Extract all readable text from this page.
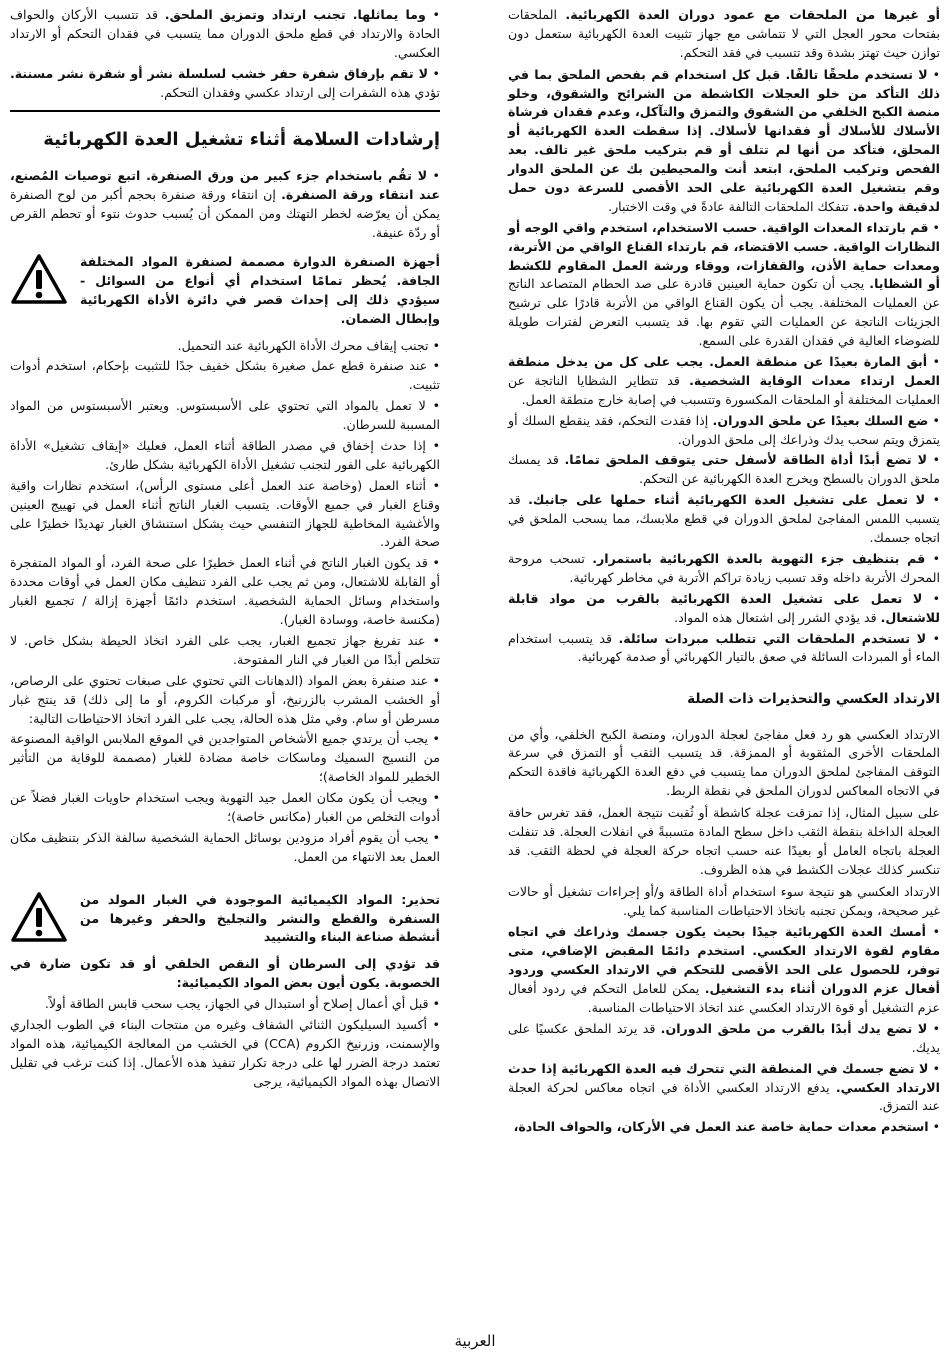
أو غيرها من الملحقات مع عمود دوران العدة الكهربائية. الملحقات بفتحات محور العجل التي لا تتماشى مع جهاز تثبيت العدة الكهربائية ستعمل دون توازن حيث تهتز بشدة وقد تتسبب في فقد التحكم.

• لا تستخدم ملحقًا تالفًا. قبل كل استخدام قم بفحص الملحق بما في ذلك التأكد من خلو العجلات الكاشطة من الشرائح والشقوق، وخلو منصة الكبح الخلفي من الشقوق والتمزق والتآكل، وعدم فقدان فرشاة الأسلاك للأسلاك أو فقدانها لأسلاك. إذا سقطت العدة الكهربائية أو المحلق، فتأكد من أنها لم تتلف أو قم بتركيب ملحق غير تالف. بعد الفحص وتركيب الملحق، ابتعد أنت والمحيطين بك عن الملحق الدوار وقم بتشغيل العدة الكهربائية على الحد الأقصى للسرعة دون حمل لدقيقة واحدة. تتفكك الملحقات التالفة عادةً في وقت الاختبار.

• قم بارتداء المعدات الواقية. حسب الاستخدام، استخدم واقي الوجه أو النظارات الواقية. حسب الاقتضاء، قم بارتداء القناع الواقي من الأتربة، ومعدات حماية الأذن، والقفازات، ووقاء ورشة العمل المقاوم للكشط أو الشظايا. يجب أن تكون حماية العينين قادرة على صد الحطام المتصاعد الناتج عن العمليات المختلفة. يجب أن يكون القناع الواقي من الأتربة قادرًا على ترشيح الجزيئات الناتجة عن العمليات التي تقوم بها. قد يتسبب التعرض لفترات طويلة للضوضاء العالية في فقدان القدرة على السمع.

• أبق المارة بعيدًا عن منطقة العمل. يجب على كل من يدخل منطقة العمل ارتداء معدات الوقاية الشخصية. قد تتطاير الشظايا الناتجة عن العمليات المختلفة أو الملحقات المكسورة وتتسبب في إصابة خارج منطقة العمل.

• ضع السلك بعيدًا عن ملحق الدوران. إذا فقدت التحكم، فقد ينقطع السلك أو يتمزق ويتم سحب يدك وذراعك إلى ملحق الدوران.

• لا تضع أبدًا أداة الطاقة لأسفل حتى يتوقف الملحق تمامًا. قد يمسك ملحق الدوران بالسطح ويخرج العدة الكهربائية عن التحكم.

• لا تعمل على تشغيل العدة الكهربائية أثناء حملها على جانبك. قد يتسبب اللمس المفاجئ لملحق الدوران في قطع ملابسك، مما يسحب الملحق في اتجاه جسمك.

• قم بتنظيف جزء التهوية بالعدة الكهربائية باستمرار. تسحب مروحة المحرك الأتربة داخله وقد تسبب زيادة تراكم الأتربة في مخاطر كهربائية.

• لا تعمل على تشغيل العدة الكهربائية بالقرب من مواد قابلة للاشتعال. قد يؤدي الشرر إلى اشتعال هذه المواد.

• لا تستخدم الملحقات التي تتطلب مبردات سائلة. قد يتسبب استخدام الماء أو المبردات السائلة في صعق بالتيار الكهربائي أو صدمة كهربائية.

الارتداد العكسي والتحذيرات ذات الصلة

الارتداد العكسي هو رد فعل مفاجئ لعجلة الدوران، ومنصة الكبح الخلفي، وأي من الملحقات الأخرى المثقوبة أو الممزقة. قد يتسبب الثقب أو التمزق في سرعة التوقف المفاجئ لملحق الدوران مما يتسبب في دفع العدة الكهربائية فاقدة التحكم في الاتجاه المعاكس لدوران الملحق في نقطة الربط.

على سبيل المثال، إذا تمزقت عجلة كاشطة أو ثُقبت نتيجة العمل، فقد تغرس حافة العجلة الداخلة بنقطة الثقب داخل سطح المادة متسببةً في انفلات العجلة. قد تنفلت العجلة باتجاه العامل أو بعيدًا عنه حسب اتجاه حركة العجلة في لحظة الثقب. قد تنكسر كذلك عجلات الكشط في هذه الظروف.

الارتداد العكسي هو نتيجة سوء استخدام أداة الطاقة و/أو إجراءات تشغيل أو حالات غير صحيحة، ويمكن تجنبه باتخاذ الاحتياطات المناسبة كما يلي.

• أمسك العدة الكهربائية جيدًا بحيث يكون جسمك وذراعك في اتجاه مقاوم لقوة الارتداد العكسي. استخدم دائمًا المقبض الإضافي، متى توفر، للحصول على الحد الأقصى للتحكم في الارتداد العكسي وردود أفعال عزم الدوران أثناء بدء التشغيل. يمكن للعامل التحكم في ردود أفعال عزم التشغيل أو قوة الارتداد العكسي عند اتخاذ الاحتياطات المناسبة.

• لا تضع يدك أبدًا بالقرب من ملحق الدوران. قد يرتد الملحق عكسيًا على يديك.

• لا تضع جسمك في المنطقة التي تتحرك فيه العدة الكهربائية إذا حدث الارتداد العكسي. يدفع الارتداد العكسي الأداة في اتجاه معاكس لحركة العجلة عند التمزق.

• استخدم معدات حماية خاصة عند العمل في الأركان، والحواف الحادة،

• وما يماثلها. تجنب ارتداد وتمزيق الملحق. قد تتسبب الأركان والحواف الحادة والارتداد في قطع ملحق الدوران مما يتسبب في فقدان التحكم أو الارتداد العكسي.

• لا تقم بإرفاق شفرة حفر خشب لسلسلة نشر أو شفرة نشر مسننة. تؤدي هذه الشفرات إلى ارتداد عكسي وفقدان التحكم.

إرشادات السلامة أثناء تشغيل العدة الكهربائية

• لا تقُم باستخدام جزء كبير من ورق الصنفرة. اتبع توصيات المُصنع، عند انتقاء ورقة الصنفرة. إن انتقاء ورقة صنفرة بحجم أكبر من لوح الصنفرة يمكن أن يعرّضه لخطر التهتك ومن الممكن أن يُسبب حدوث نتوء أو تحطم القرص أو ردّة عنيفة.

أجهزة الصنفرة الدوارة مصممة لصنفرة المواد المختلفة الجافة. يُحظر تمامًا استخدام أي أنواع من السوائل - سيؤدي ذلك إلى إحداث قصر في دائرة الأداة الكهربائية وإبطال الضمان.

• تجنب إيقاف محرك الأداة الكهربائية عند التحميل.

• عند صنفرة قطع عمل صغيرة بشكل خفيف جدًا للتثبيت بإحكام، استخدم أدوات تثبيت.

• لا تعمل بالمواد التي تحتوي على الأسبستوس. ويعتبر الأسبستوس من المواد المسببة للسرطان.

• إذا حدث إخفاق في مصدر الطاقة أثناء العمل، فعليك «إيقاف تشغيل» الأداة الكهربائية على الفور لتجنب تشغيل الأداة الكهربائية بشكل طارئ.

• أثناء العمل (وخاصة عند العمل أعلى مستوى الرأس)، استخدم نظارات واقية وقناع الغبار في جميع الأوقات. يتسبب الغبار الناتج أثناء العمل في تهييج العينين والأغشية المخاطية للجهاز التنفسي حيث يشكل استنشاق الغبار تهديدًا خطيرًا على صحة الفرد.

• قد يكون الغبار الناتج في أثناء العمل خطيرًا على صحة الفرد، أو المواد المتفجرة أو القابلة للاشتعال، ومن ثم يجب على الفرد تنظيف مكان العمل في أوقات محددة واستخدام وسائل الحماية الشخصية. استخدم دائمًا أجهزة إزالة / تجميع الغبار (مكنسة خاصة، ووسادة الغبار).

• عند تفريغ جهاز تجميع الغبار، يجب على الفرد اتخاذ الحيطة بشكل خاص. لا تتخلص أبدًا من الغبار في النار المفتوحة.

• عند صنفرة بعض المواد (الدهانات التي تحتوي على صبغات تحتوي على الرصاص، أو الخشب المشرب بالزرنيخ، أو مركبات الكروم، أو ما إلى ذلك) قد ينتج غبار مسرطن أو سام. وفي مثل هذه الحالة، يجب على الفرد اتخاذ الاحتياطات التالية:

• يجب أن يرتدي جميع الأشخاص المتواجدين في الموقع الملابس الواقية المصنوعة من النسيج السميك وماسكات خاصة مضادة للغبار (مصممة للوقاية من التأثير الخطير للمواد الخاصة)؛

• ويجب أن يكون مكان العمل جيد التهوية ويجب استخدام حاويات الغبار فضلاً عن أدوات التخلص من الغبار (مكانس خاصة)؛

• يجب أن يقوم أفراد مزودين بوسائل الحماية الشخصية سالفة الذكر بتنظيف مكان العمل بعد الانتهاء من العمل.

تحذير: المواد الكيميائية الموجودة في الغبار المولد من السنفرة والقطع والنشر والتجليخ والحفر وغيرها من أنشطة صناعة البناء والتشييد

قد تؤدي إلى السرطان أو النقص الخلقي أو قد تكون ضارة في الخصوبة. يكون أيون بعض المواد الكيميائية:

• قبل أي أعمال إصلاح أو استبدال في الجهاز، يجب سحب قابس الطاقة أولاً.

• أكسيد السيليكون الثنائي الشفاف وغيره من منتجات البناء في الطوب الجداري والإسمنت، وزرنيخ الكروم (CCA) في الخشب من المعالجة الكيميائية، هذه المواد تعتمد درجة الضرر لها على درجة تكرار تنفيذ هذه الأعمال. إذا كنت ترغب في تقليل الاتصال بهذه المواد الكيميائية، يرجى

العربية
